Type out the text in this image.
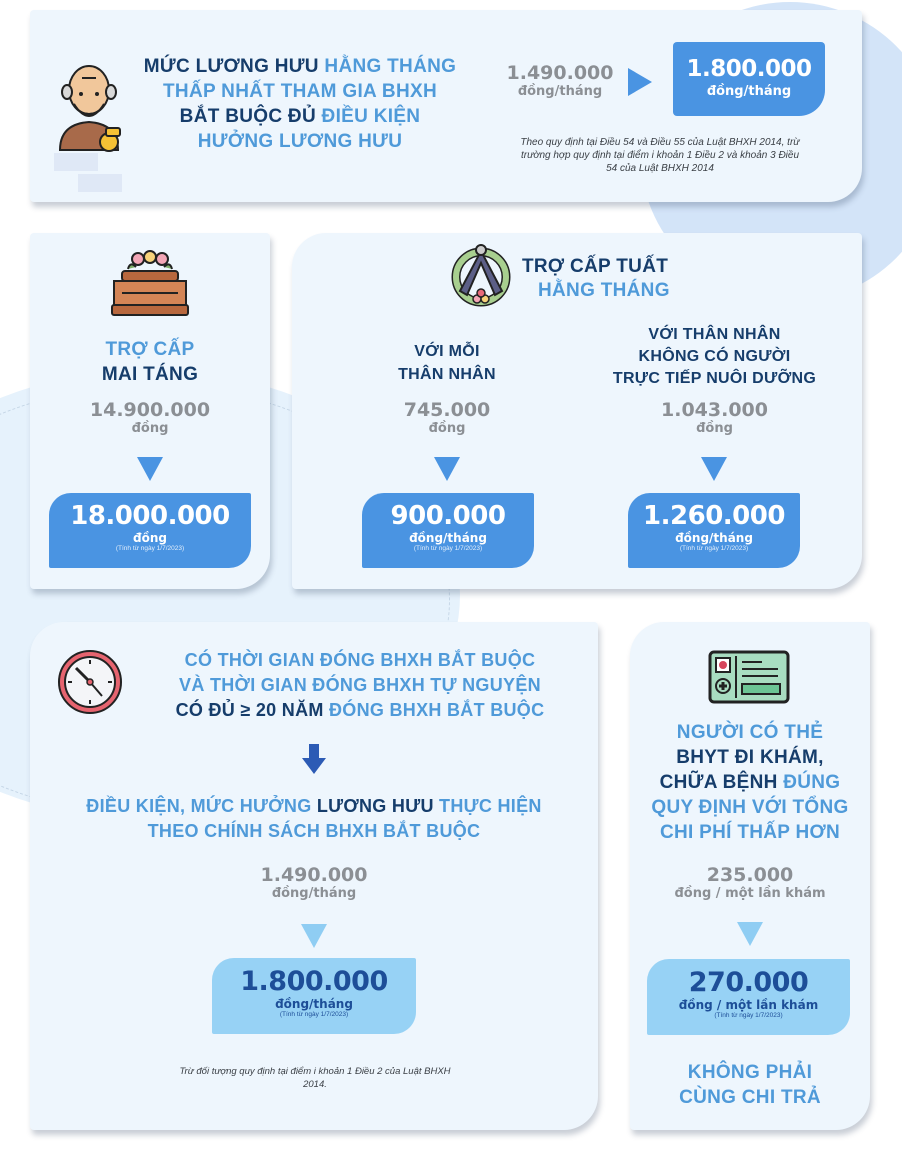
MỨC LƯƠNG HƯU HẰNG THÁNG
THẤP NHẤT THAM GIA BHXH
BẮT BUỘC ĐỦ ĐIỀU KIỆN
HƯỞNG LƯƠNG HƯU
1.490.000
đồng/tháng
1.800.000
đồng/tháng
Theo quy định tại Điều 54 và Điều 55 của Luật BHXH 2014, trừ trường hợp quy định tại điểm i khoản 1 Điều 2 và khoản 3 Điều 54 của Luật BHXH 2014
TRỢ CẤP
MAI TÁNG
14.900.000
đồng
18.000.000
đồng
(Tính từ ngày 1/7/2023)
TRỢ CẤP TUẤT
HẰNG THÁNG
VỚI MỖI
THÂN NHÂN
745.000
đồng
900.000
đồng/tháng
(Tính từ ngày 1/7/2023)
VỚI THÂN NHÂN
KHÔNG CÓ NGƯỜI
TRỰC TIẾP NUÔI DƯỠNG
1.043.000
đồng
1.260.000
đồng/tháng
(Tính từ ngày 1/7/2023)
CÓ THỜI GIAN ĐÓNG BHXH BẮT BUỘC
VÀ THỜI GIAN ĐÓNG BHXH TỰ NGUYỆN
CÓ ĐỦ ≥ 20 NĂM ĐÓNG BHXH BẮT BUỘC
ĐIỀU KIỆN, MỨC HƯỞNG LƯƠNG HƯU THỰC HIỆN
THEO CHÍNH SÁCH BHXH BẮT BUỘC
1.490.000
đồng/tháng
1.800.000
đồng/tháng
(Tính từ ngày 1/7/2023)
Trừ đối tượng quy định tại điểm i khoản 1 Điều 2 của Luật BHXH 2014.
NGƯỜI CÓ THẺ
BHYT ĐI KHÁM,
CHỮA BỆNH ĐÚNG
QUY ĐỊNH VỚI TỔNG
CHI PHÍ THẤP HƠN
235.000
đồng / một lần khám
270.000
đồng / một lần khám
(Tính từ ngày 1/7/2023)
KHÔNG PHẢI
CÙNG CHI TRẢ
